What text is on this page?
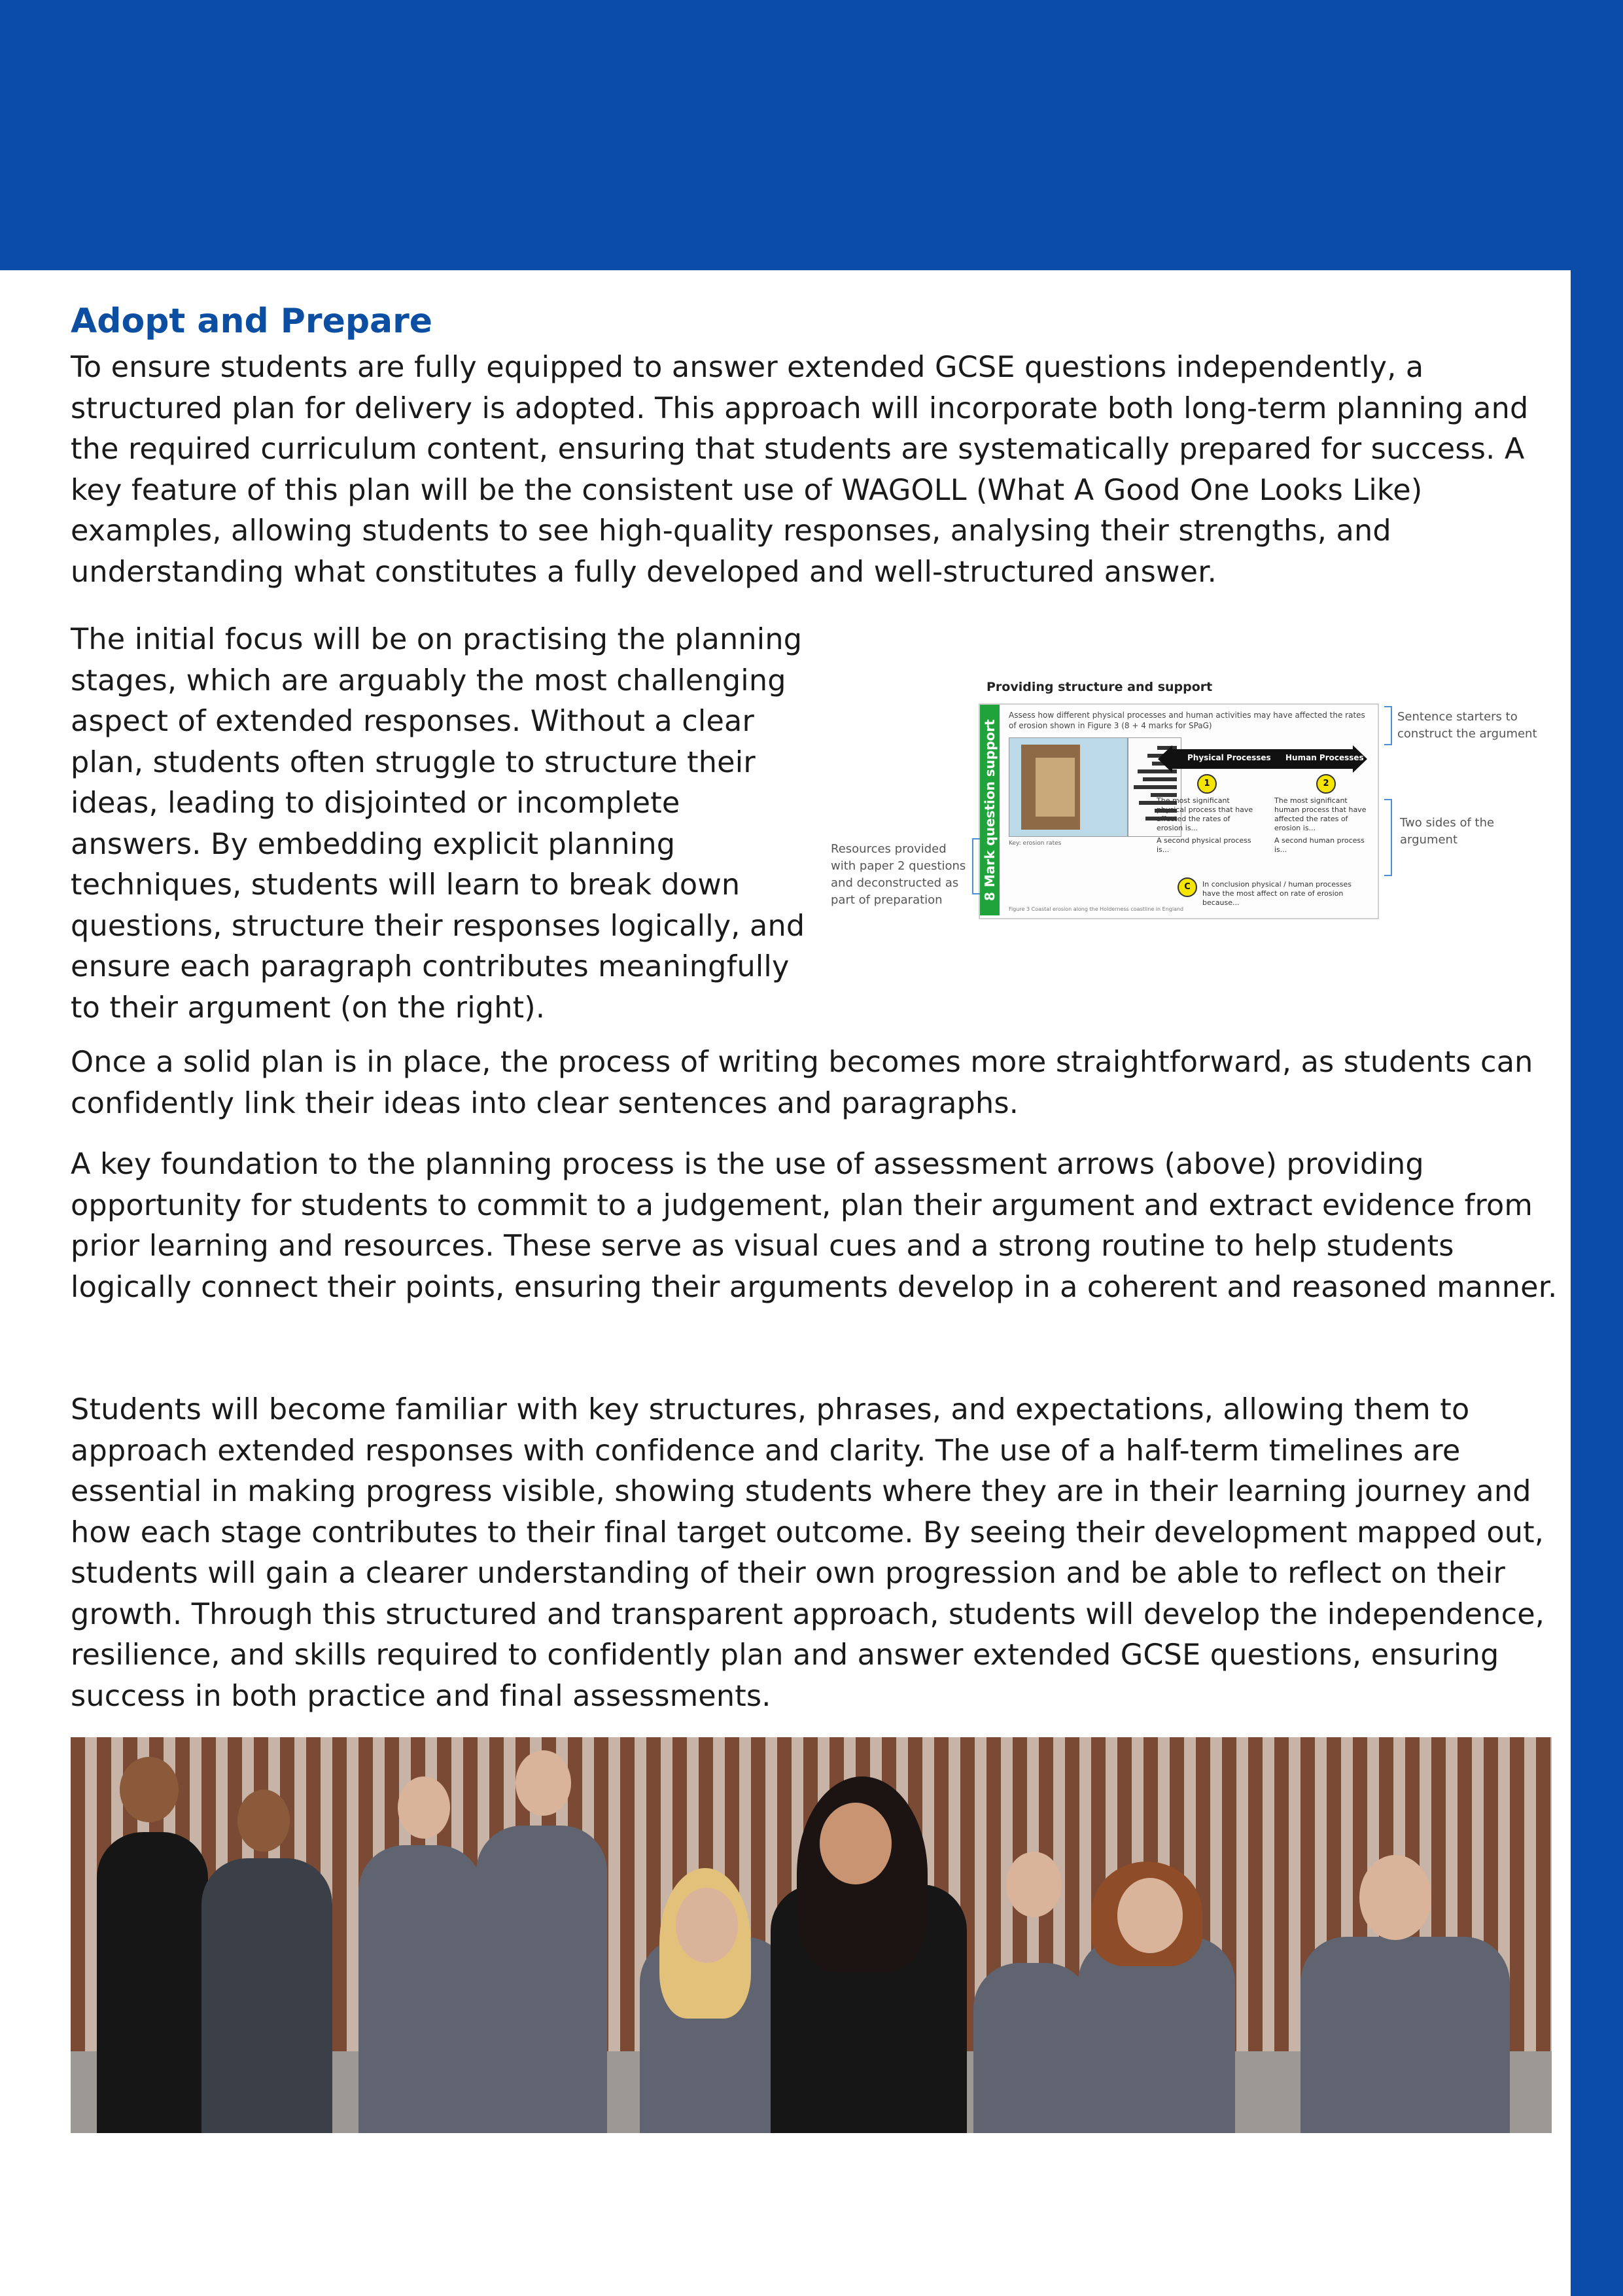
Adopt and Prepare

To ensure students are fully equipped to answer extended GCSE questions independently, a structured plan for delivery is adopted. This approach will incorporate both long-term planning and the required curriculum content, ensuring that students are systematically prepared for success. A key feature of this plan will be the consistent use of WAGOLL (What A Good One Looks Like) examples, allowing students to see high-quality responses, analysing their strengths, and understanding what constitutes a fully developed and well-structured answer.

The initial focus will be on practising the planning stages, which are arguably the most challenging aspect of extended responses. Without a clear plan, students often struggle to structure their ideas, leading to disjointed or incomplete answers. By embedding explicit planning techniques, students will learn to break down questions, structure their responses logically, and ensure each paragraph contributes meaningfully to their argument (on the right).

Providing structure and support
8 Mark question support
Assess how different physical processes and human activities may have affected the rates of erosion shown in Figure 3 (8 + 4 marks for SPaG)
Key: erosion rates
Figure 3 Coastal erosion along the Holderness coastline in England
Physical Processes Human Processes
1	2
The most significant physical process that have affected the rates of erosion is...
A second physical process is...
The most significant human process that have affected the rates of erosion is...
A second human process is...
C	In conclusion physical / human processes have the most affect on rate of erosion because...
Sentence starters to construct the argument
Two sides of the argument
Resources provided with paper 2 questions and deconstructed as part of preparation

Once a solid plan is in place, the process of writing becomes more straightforward, as students can confidently link their ideas into clear sentences and paragraphs.

A key foundation to the planning process is the use of assessment arrows (above) providing opportunity for students to commit to a judgement, plan their argument and extract evidence from prior learning and resources. These serve as visual cues and a strong routine to help students logically connect their points, ensuring their arguments develop in a coherent and reasoned manner.

Students will become familiar with key structures, phrases, and expectations, allowing them to approach extended responses with confidence and clarity. The use of a half-term timelines are essential in making progress visible, showing students where they are in their learning journey and how each stage contributes to their final target outcome. By seeing their development mapped out, students will gain a clearer understanding of their own progression and be able to reflect on their growth. Through this structured and transparent approach, students will develop the independence, resilience, and skills required to confidently plan and answer extended GCSE questions, ensuring success in both practice and final assessments.
